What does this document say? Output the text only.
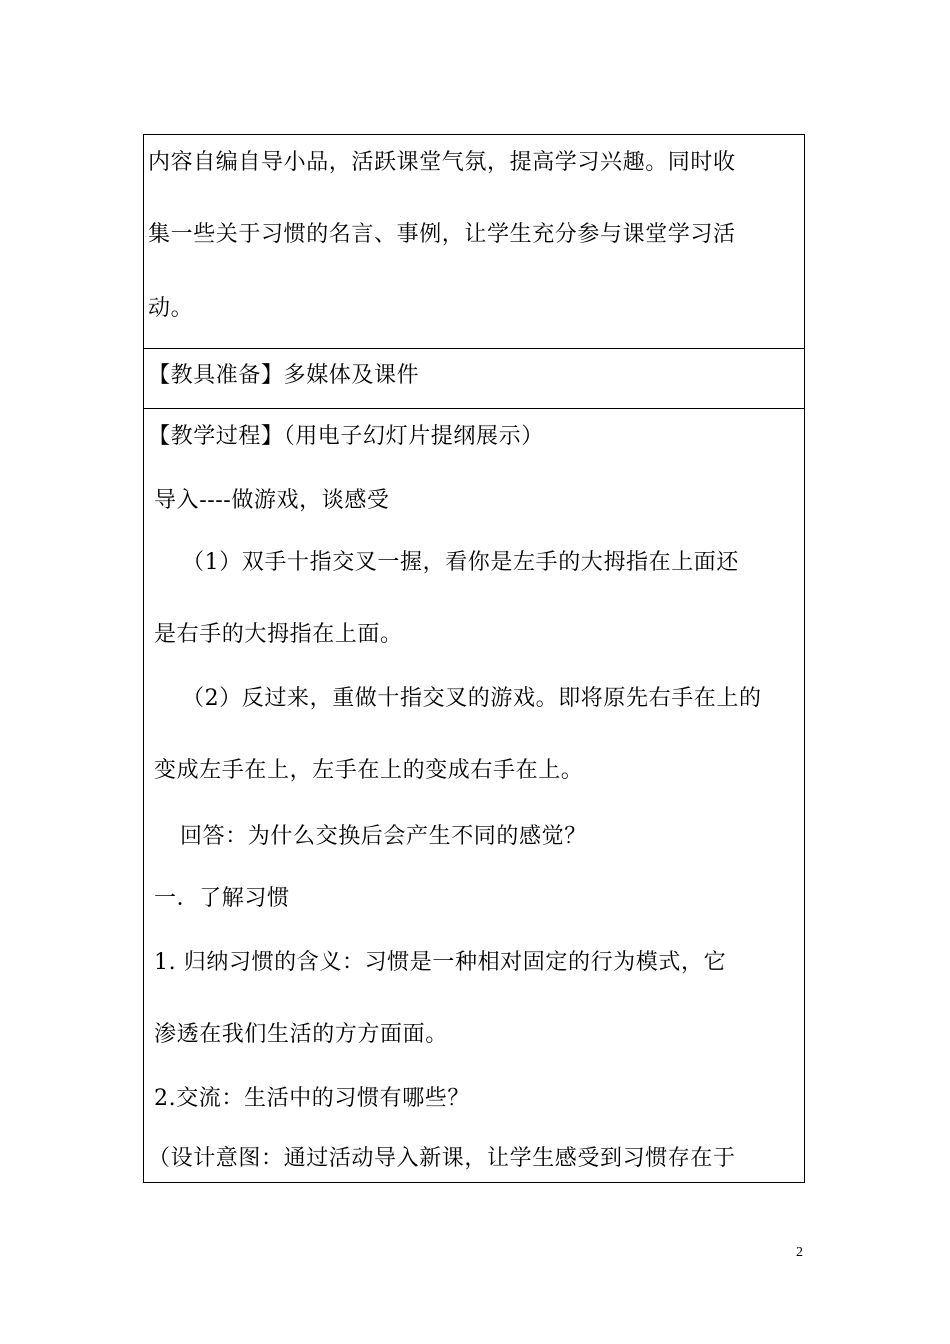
内容自编自导小品，活跃课堂气氛，提高学习兴趣。同时收
集一些关于习惯的名言、事例，让学生充分参与课堂学习活
动。
【教具准备】多媒体及课件
【教学过程】（用电子幻灯片提纲展示）
导入----做游戏，谈感受
（1）双手十指交叉一握，看你是左手的大拇指在上面还
是右手的大拇指在上面。
（2）反过来，重做十指交叉的游戏。即将原先右手在上的
变成左手在上，左手在上的变成右手在上。
回答：为什么交换后会产生不同的感觉？
一．了解习惯
1. 归纳习惯的含义：习惯是一种相对固定的行为模式，它
渗透在我们生活的方方面面。
2.交流：生活中的习惯有哪些？
（设计意图：通过活动导入新课，让学生感受到习惯存在于
2
